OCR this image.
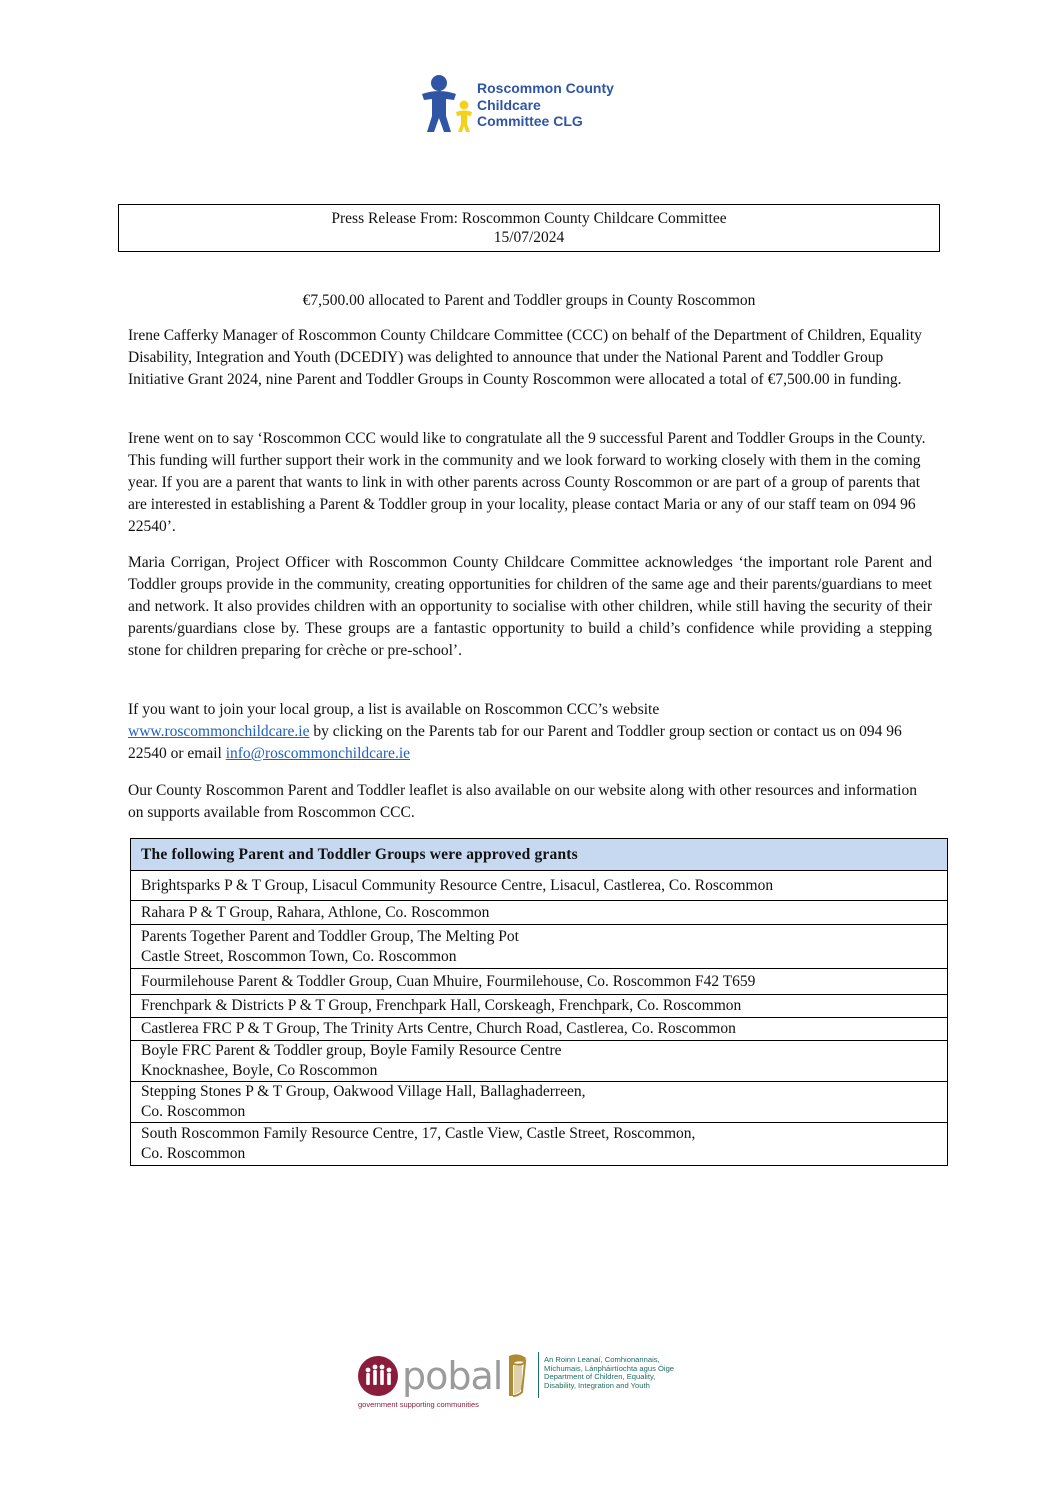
Roscommon County
Childcare
Committee CLG
Press Release From: Roscommon County Childcare Committee
15/07/2024
€7,500.00 allocated to Parent and Toddler groups in County Roscommon

Irene Cafferky Manager of Roscommon County Childcare Committee (CCC) on behalf of the Department of Children, Equality Disability, Integration and Youth (DCEDIY) was delighted to announce that under the National Parent and Toddler Group Initiative Grant 2024, nine Parent and Toddler Groups in County Roscommon were allocated a total of €7,500.00 in funding.

Irene went on to say ‘Roscommon CCC would like to congratulate all the 9 successful Parent and Toddler Groups in the County. This funding will further support their work in the community and we look forward to working closely with them in the coming year. If you are a parent that wants to link in with other parents across County Roscommon or are part of a group of parents that are interested in establishing a Parent & Toddler group in your locality, please contact Maria or any of our staff team on 094 96 22540’.

Maria Corrigan, Project Officer with Roscommon County Childcare Committee acknowledges ‘the important role Parent and Toddler groups provide in the community, creating opportunities for children of the same age and their parents/guardians to meet and network. It also provides children with an opportunity to socialise with other children, while still having the security of their parents/guardians close by. These groups are a fantastic opportunity to build a child’s confidence while providing a stepping stone for children preparing for crèche or pre-school’.

If you want to join your local group, a list is available on Roscommon CCC’s website
www.roscommonchildcare.ie by clicking on the Parents tab for our Parent and Toddler group section or contact us on 094 96 22540 or email info@roscommonchildcare.ie

Our County Roscommon Parent and Toddler leaflet is also available on our website along with other resources and information on supports available from Roscommon CCC.

The following Parent and Toddler Groups were approved grants
Brightsparks P & T Group, Lisacul Community Resource Centre, Lisacul, Castlerea, Co. Roscommon
Rahara P & T Group, Rahara, Athlone, Co. Roscommon
Parents Together Parent and Toddler Group, The Melting Pot
Castle Street, Roscommon Town, Co. Roscommon
Fourmilehouse Parent & Toddler Group, Cuan Mhuire, Fourmilehouse, Co. Roscommon F42 T659
Frenchpark & Districts P & T Group, Frenchpark Hall, Corskeagh, Frenchpark, Co. Roscommon
Castlerea FRC P & T Group, The Trinity Arts Centre, Church Road, Castlerea, Co. Roscommon
Boyle FRC Parent & Toddler group, Boyle Family Resource Centre
Knocknashee, Boyle, Co Roscommon
Stepping Stones P & T Group, Oakwood Village Hall, Ballaghaderreen,
Co. Roscommon
South Roscommon Family Resource Centre, 17, Castle View, Castle Street, Roscommon,
Co. Roscommon
pobal
government supporting communities
An Roinn Leanaí, Comhionannais,
Míchumais, Lánpháirtíochta agus Óige
Department of Children, Equality,
Disability, Integration and Youth
